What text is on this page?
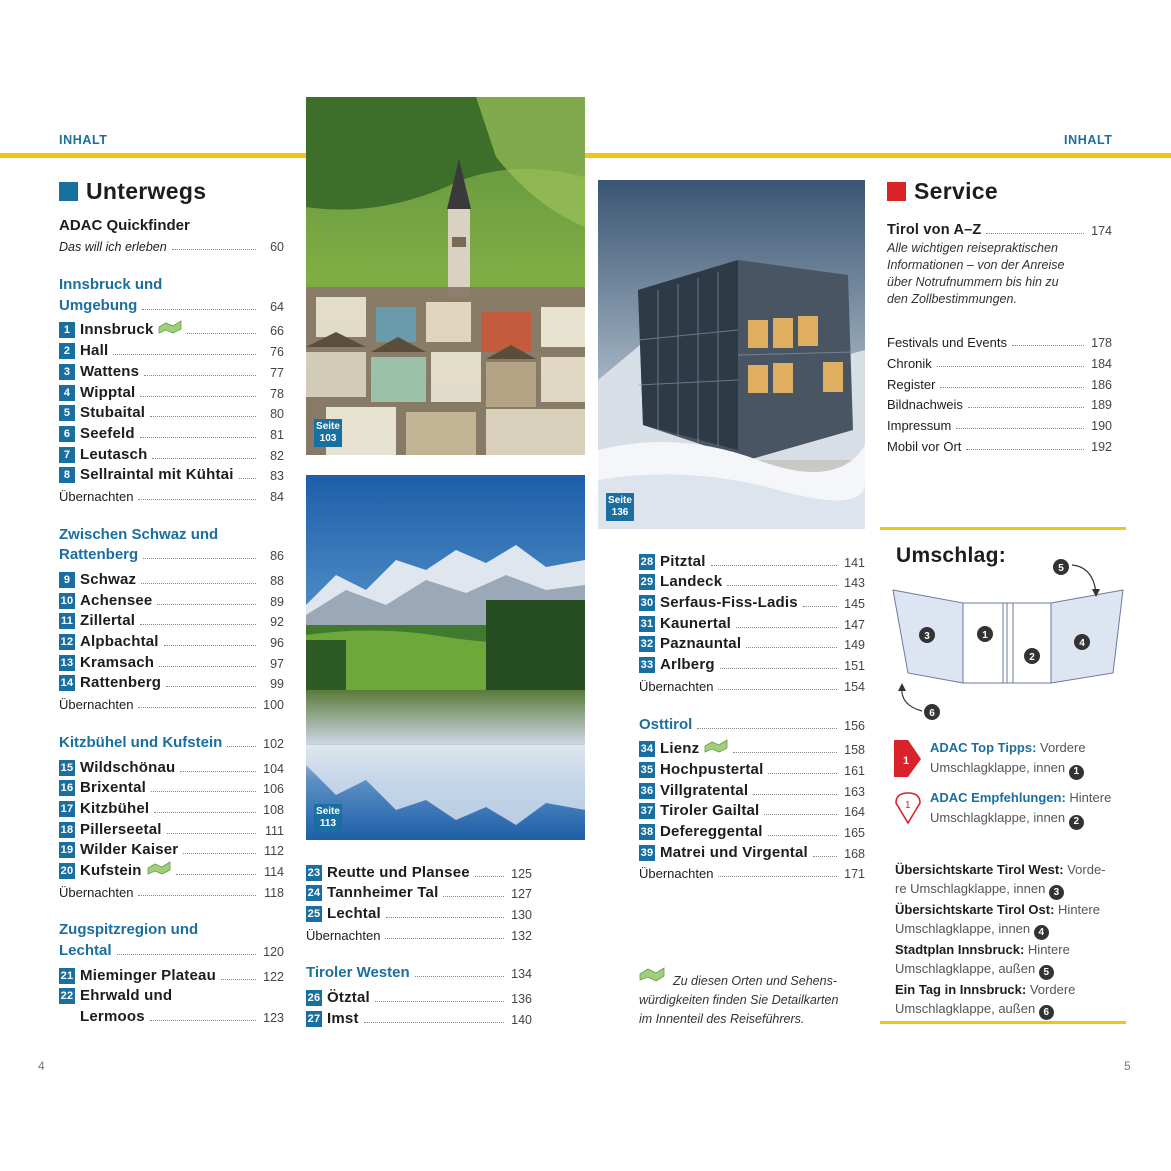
INHALT	INHALT
Unterwegs
ADAC Quickfinder
Das will ich erleben	60
Innsbruck und
Umgebung	64
1 Innsbruck	66
2 Hall	76
3 Wattens	77
4 Wipptal	78
5 Stubaital	80
6 Seefeld	81
7 Leutasch	82
8 Sellraintal mit Kühtai	83
Übernachten	84
Zwischen Schwaz und
Rattenberg	86
9 Schwaz	88
10 Achensee	89
11 Zillertal	92
12 Alpbachtal	96
13 Kramsach	97
14 Rattenberg	99
Übernachten	100
Kitzbühel und Kufstein	102
15 Wildschönau	104
16 Brixental	106
17 Kitzbühel	108
18 Pillerseetal	111
19 Wilder Kaiser	112
20 Kufstein	114
Übernachten	118
Zugspitzregion und
Lechtal	120
21 Mieminger Plateau	122
22 Ehrwald und
Lermoos	123
Seite
103
Seite
113
23 Reutte und Plansee	125
24 Tannheimer Tal	127
25 Lechtal	130
Übernachten	132
Tiroler Westen	134
26 Ötztal	136
27 Imst	140
Seite
136
28 Pitztal	141
29 Landeck	143
30 Serfaus-Fiss-Ladis	145
31 Kaunertal	147
32 Paznauntal	149
33 Arlberg	151
Übernachten	154
Osttirol	156
34 Lienz	158
35 Hochpustertal	161
36 Villgratental	163
37 Tiroler Gailtal	164
38 Defereggental	165
39 Matrei und Virgental	168
Übernachten	171
Zu diesen Orten und Sehens-
würdigkeiten finden Sie Detailkarten
im Innenteil des Reiseführers.
Service
Tirol von A–Z	174
Alle wichtigen reisepraktischen
Informationen – von der Anreise
über Notrufnummern bis hin zu
den Zollbestimmungen.
Festivals und Events	178
Chronik	184
Register	186
Bildnachweis	189
Impressum	190
Mobil vor Ort	192
Umschlag:
3	1
2
4
5
6
1
ADAC Top Tipps: Vordere
Umschlagklappe, innen 1
1
ADAC Empfehlungen: Hintere
Umschlagklappe, innen 2
Übersichtskarte Tirol West: Vorde-
re Umschlagklappe, innen 3
Übersichtskarte Tirol Ost: Hintere
Umschlagklappe, innen 4
Stadtplan Innsbruck: Hintere
Umschlagklappe, außen 5
Ein Tag in Innsbruck: Vordere
Umschlagklappe, außen 6
4	5
